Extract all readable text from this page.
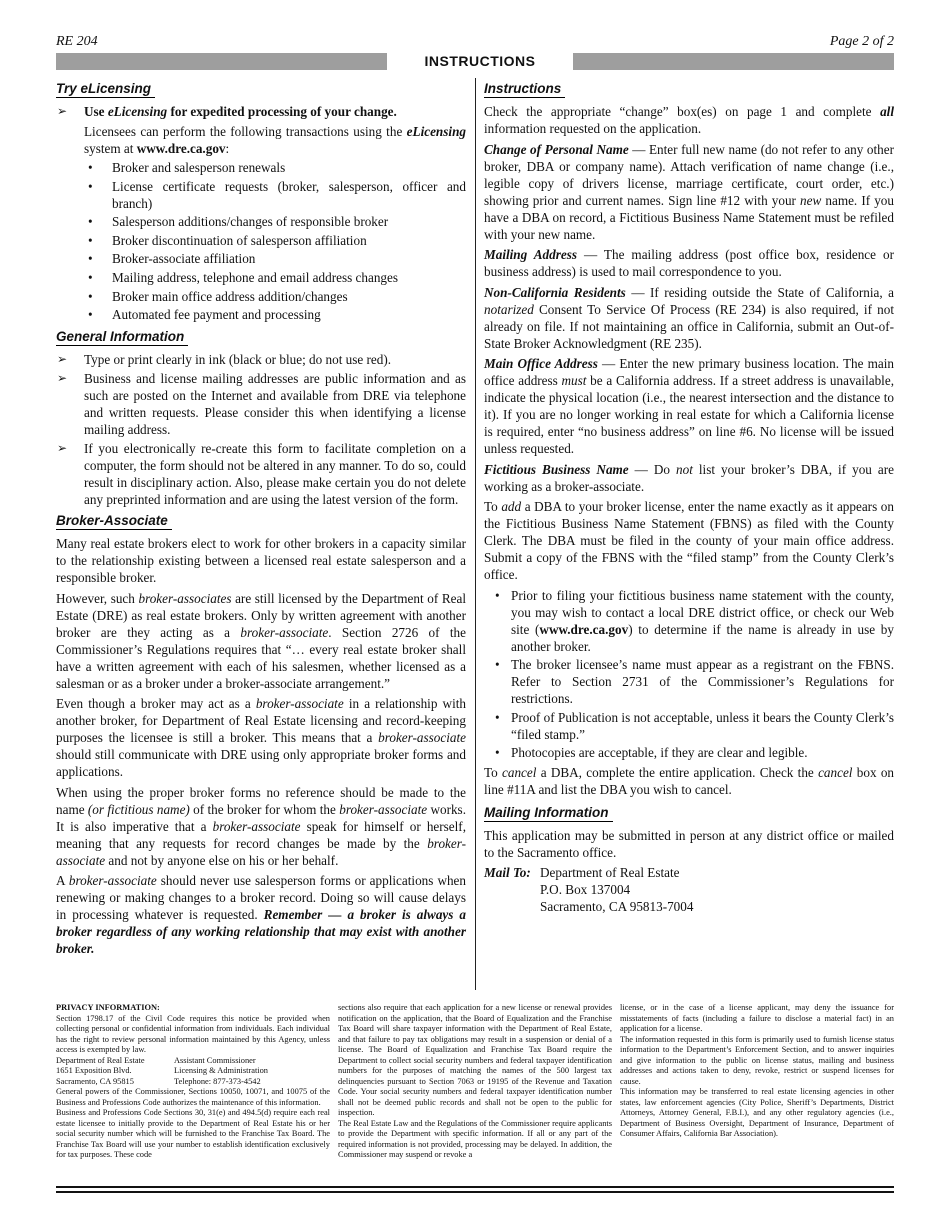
RE 204	Page 2 of 2
INSTRUCTIONS
Try eLicensing
➢ Use eLicensing for expedited processing of your change.
Licensees can perform the following transactions using the eLicensing system at www.dre.ca.gov:
• Broker and salesperson renewals
• License certificate requests (broker, salesperson, officer and branch)
• Salesperson additions/changes of responsible broker
• Broker discontinuation of salesperson affiliation
• Broker-associate affiliation
• Mailing address, telephone and email address changes
• Broker main office address addition/changes
• Automated fee payment and processing
General Information
➢ Type or print clearly in ink (black or blue; do not use red).
➢ Business and license mailing addresses are public information and as such are posted on the Internet and available from DRE via telephone and written requests. Please consider this when identifying a license mailing address.
➢ If you electronically re-create this form to facilitate completion on a computer, the form should not be altered in any manner. To do so, could result in disciplinary action. Also, please make certain you do not delete any preprinted information and are using the latest version of the form.
Broker-Associate

Many real estate brokers elect to work for other brokers in a capacity similar to the relationship existing between a licensed real estate salesperson and a responsible broker.

However, such broker-associates are still licensed by the Department of Real Estate (DRE) as real estate brokers. Only by written agreement with another broker are they acting as a broker-associate. Section 2726 of the Commissioner’s Regulations requires that “… every real estate broker shall have a written agreement with each of his salesmen, whether licensed as a salesman or as a broker under a broker-associate arrangement.”

Even though a broker may act as a broker-associate in a relationship with another broker, for Department of Real Estate licensing and record-keeping purposes the licensee is still a broker. This means that a broker-associate should still communicate with DRE using only appropriate broker forms and applications.

When using the proper broker forms no reference should be made to the name (or fictitious name) of the broker for whom the broker-associate works. It is also imperative that a broker-associate speak for himself or herself, meaning that any requests for record changes be made by the broker-associate and not by anyone else on his or her behalf.

A broker-associate should never use salesperson forms or applications when renewing or making changes to a broker record. Doing so will cause delays in processing whatever is requested. Remember — a broker is always a broker regardless of any working relationship that may exist with another broker.

Instructions

Check the appropriate “change” box(es) on page 1 and complete all information requested on the application.

Change of Personal Name — Enter full new name (do not refer to any other broker, DBA or company name). Attach verification of name change (i.e., legible copy of drivers license, marriage certificate, court order, etc.) showing prior and current names. Sign line #12 with your new name. If you have a DBA on record, a Fictitious Business Name Statement must be refiled with your new name.

Mailing Address — The mailing address (post office box, residence or business address) is used to mail correspondence to you.

Non-California Residents — If residing outside the State of California, a notarized Consent To Service Of Process (RE 234) is also required, if not already on file. If not maintaining an office in California, submit an Out-of-State Broker Acknowledgment (RE 235).

Main Office Address — Enter the new primary business location. The main office address must be a California address. If a street address is unavailable, indicate the physical location (i.e., the nearest intersection and the distance to it). If you are no longer working in real estate for which a California license is required, enter “no business address” on line #6. No license will be issued unless requested.

Fictitious Business Name — Do not list your broker’s DBA, if you are working as a broker-associate.

To add a DBA to your broker license, enter the name exactly as it appears on the Fictitious Business Name Statement (FBNS) as filed with the County Clerk. The DBA must be filed in the county of your main office address. Submit a copy of the FBNS with the “filed stamp” from the County Clerk’s office.

• Prior to filing your fictitious business name statement with the county, you may wish to contact a local DRE district office, or check our Web site (www.dre.ca.gov) to determine if the name is already in use by another broker.
• The broker licensee’s name must appear as a registrant on the FBNS. Refer to Section 2731 of the Commissioner’s Regulations for restrictions.
• Proof of Publication is not acceptable, unless it bears the County Clerk’s “filed stamp.”
• Photocopies are acceptable, if they are clear and legible.

To cancel a DBA, complete the entire application. Check the cancel box on line #11A and list the DBA you wish to cancel.

Mailing Information

This application may be submitted in person at any district office or mailed to the Sacramento office.

Mail To: Department of Real Estate
P.O. Box 137004
Sacramento, CA 95813-7004
PRIVACY INFORMATION:
Section 1798.17 of the Civil Code requires this notice be provided when collecting personal or confidential information from individuals. Each individual has the right to review personal information maintained by this Agency, unless access is exempted by law.
Department of Real Estate	Assistant Commissioner
1651 Exposition Blvd.	Licensing & Administration
Sacramento, CA 95815	Telephone: 877-373-4542
General powers of the Commissioner, Sections 10050, 10071, and 10075 of the Business and Professions Code authorizes the maintenance of this information.
Business and Professions Code Sections 30, 31(e) and 494.5(d) require each real estate licensee to initially provide to the Department of Real Estate his or her social security number which will be furnished to the Franchise Tax Board. The Franchise Tax Board will use your number to establish identification exclusively for tax purposes. These code
sections also require that each application for a new license or renewal provides notification on the application, that the Board of Equalization and the Franchise Tax Board will share taxpayer information with the Department of Real Estate, and that failure to pay tax obligations may result in a suspension or denial of a license. The Board of Equalization and Franchise Tax Board require the Department to collect social security numbers and federal taxpayer identification numbers for the purposes of matching the names of the 500 largest tax delinquencies pursuant to Section 7063 or 19195 of the Revenue and Taxation Code. Your social security numbers and federal taxpayer identification number shall not be deemed public records and shall not be open to the public for inspection.
The Real Estate Law and the Regulations of the Commissioner require applicants to provide the Department with specific information. If all or any part of the required information is not provided, processing may be delayed. In addition, the Commissioner may suspend or revoke a
license, or in the case of a license applicant, may deny the issuance for misstatements of facts (including a failure to disclose a material fact) in an application for a license.
The information requested in this form is primarily used to furnish license status information to the Department’s Enforcement Section, and to answer inquiries and give information to the public on license status, mailing and business addresses and actions taken to deny, revoke, restrict or suspend licenses for cause.
This information may be transferred to real estate licensing agencies in other states, law enforcement agencies (City Police, Sheriff’s Departments, District Attorneys, Attorney General, F.B.I.), and any other regulatory agencies (i.e., Department of Business Oversight, Department of Insurance, Department of Consumer Affairs, California Bar Association).
